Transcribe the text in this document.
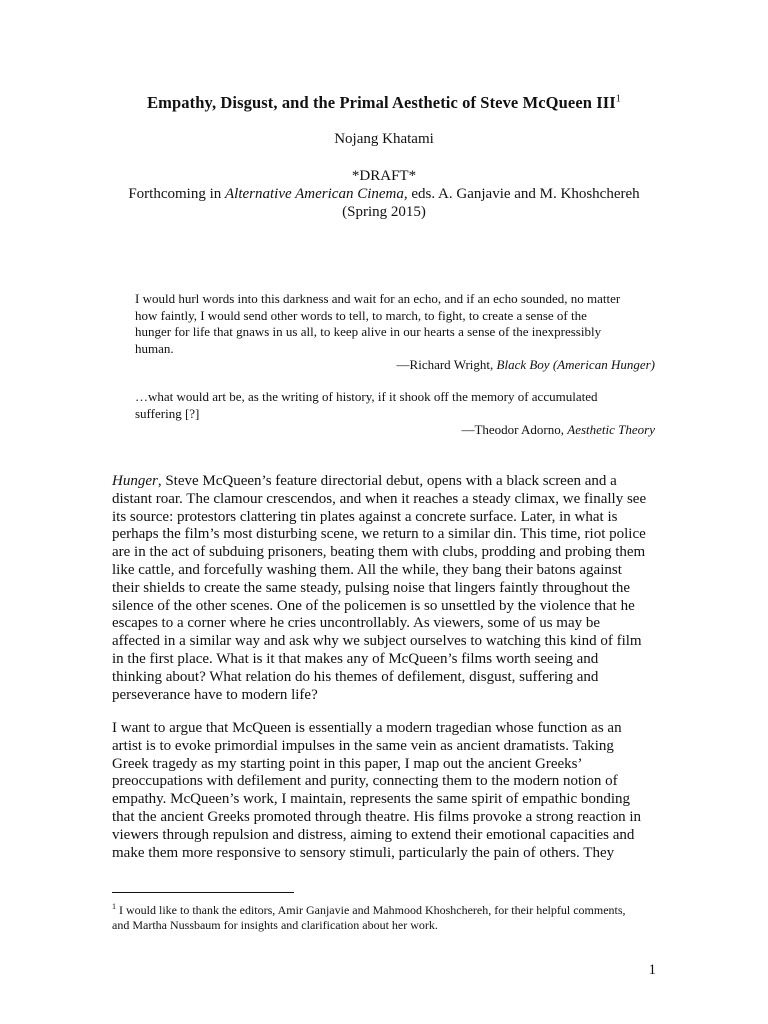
Empathy, Disgust, and the Primal Aesthetic of Steve McQueen III$^1$
Nojang Khatami
*DRAFT*
Forthcoming in Alternative American Cinema, eds. A. Ganjavie and M. Khoshchereh
(Spring 2015)

I would hurl words into this darkness and wait for an echo, and if an echo sounded, no matter

how faintly, I would send other words to tell, to march, to fight, to create a sense of the

hunger for life that gnaws in us all, to keep alive in our hearts a sense of the inexpressibly

human.

—Richard Wright, Black Boy (American Hunger)

…what would art be, as the writing of history, if it shook off the memory of accumulated

suffering [?]

—Theodor Adorno, Aesthetic Theory

Hunger, Steve McQueen’s feature directorial debut, opens with a black screen and a
distant roar. The clamour crescendos, and when it reaches a steady climax, we finally see
its source: protestors clattering tin plates against a concrete surface. Later, in what is
perhaps the film’s most disturbing scene, we return to a similar din. This time, riot police
are in the act of subduing prisoners, beating them with clubs, prodding and probing them
like cattle, and forcefully washing them. All the while, they bang their batons against
their shields to create the same steady, pulsing noise that lingers faintly throughout the
silence of the other scenes. One of the policemen is so unsettled by the violence that he
escapes to a corner where he cries uncontrollably. As viewers, some of us may be
affected in a similar way and ask why we subject ourselves to watching this kind of film
in the first place. What is it that makes any of McQueen’s films worth seeing and
thinking about? What relation do his themes of defilement, disgust, suffering and
perseverance have to modern life?
I want to argue that McQueen is essentially a modern tragedian whose function as an
artist is to evoke primordial impulses in the same vein as ancient dramatists. Taking
Greek tragedy as my starting point in this paper, I map out the ancient Greeks’
preoccupations with defilement and purity, connecting them to the modern notion of
empathy. McQueen’s work, I maintain, represents the same spirit of empathic bonding
that the ancient Greeks promoted through theatre. His films provoke a strong reaction in
viewers through repulsion and distress, aiming to extend their emotional capacities and
make them more responsive to sensory stimuli, particularly the pain of others. They
$^1$ I would like to thank the editors, Amir Ganjavie and Mahmood Khoshchereh, for their helpful comments,
and Martha Nussbaum for insights and clarification about her work.
1
